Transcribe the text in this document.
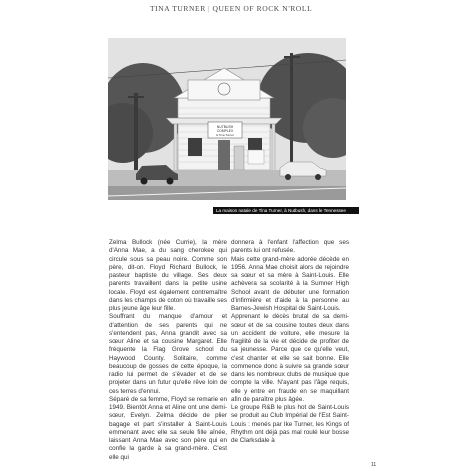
TINA TURNER | QUEEN OF ROCK N'ROLL
NUTBUSH
COMPLEX
& Tina Turner
La maison natale de Tina Turner, à Nutbush, dans le Tennessee

Zelma Bullock (née Currie), la mère d'Anna Mae, a du sang cherokee qui circule sous sa peau noire. Comme son père, dit-on. Floyd Richard Bullock, le pasteur baptiste du village. Ses deux parents travaillent dans la petite usine locale. Floyd est également contremaître dans les champs de coton où travaille ses plus jeune âge leur fille.

Souffrant du manque d'amour et d'attention de ses parents qui ne s'entendent pas, Anna grandit avec sa sœur Aline et sa cousine Margaret. Elle fréquente la Flag Grove school du Haywood County. Solitaire, comme beaucoup de gosses de cette époque, la radio lui permet de s'évader et de se projeter dans un futur qu'elle rêve loin de ces terres d'ennui.

Séparé de sa femme, Floyd se remarie en 1949. Bientôt Anna et Aline ont une demi-sœur, Evelyn. Zelma décide de plier bagage et part s'installer à Saint-Louis emmenant avec elle sa seule fille aînée, laissant Anna Mae avec son père qui en confie la garde à sa grand-mère. C'est elle qui

donnera à l'enfant l'affection que ses parents lui ont refusée.

Mais cette grand-mère adorée décède en 1956. Anna Mae choisit alors de rejoindre sa sœur et sa mère à Saint-Louis. Elle achèvera sa scolarité à la Sumner High School avant de débuter une formation d'infirmière et d'aide à la personne au Barnes-Jewish Hospital de Saint-Louis.

Apprenant le décès brutal de sa demi-sœur et de sa cousine toutes deux dans un accident de voiture, elle mesure la fragilité de la vie et décide de profiter de sa jeunesse. Parce que ce qu'elle veut, c'est chanter et elle se sait bonne. Elle commence donc à suivre sa grande sœur dans les nombreux clubs de musique que compte la ville. N'ayant pas l'âge requis, elle y entre en fraude en se maquillant afin de paraître plus âgée.

Le groupe R&B le plus hot de Saint-Louis se produit au Club Impérial de l'Est Saint-Louis : menés par Ike Turner, les Kings of Rhythm ont déjà pas mal roulé leur bosse de Clarksdale à

11
